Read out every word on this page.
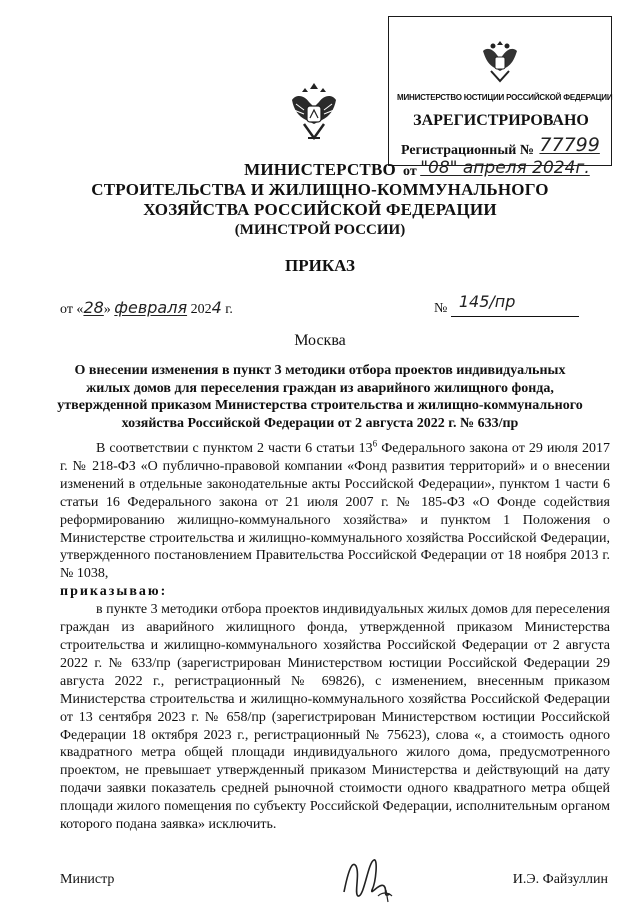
МИНИСТЕРСТВО ЮСТИЦИИ РОССИЙСКОЙ ФЕДЕРАЦИИ
ЗАРЕГИСТРИРОВАНО
Регистрационный № 77799
от "08" апреля 2024г.
МИНИСТЕРСТВО
СТРОИТЕЛЬСТВА И ЖИЛИЩНО-КОММУНАЛЬНОГО
ХОЗЯЙСТВА РОССИЙСКОЙ ФЕДЕРАЦИИ
(МИНСТРОЙ РОССИИ)
ПРИКАЗ
от «28» февраля 2024 г.	№ 145/пр
Москва
О внесении изменения в пункт 3 методики отбора проектов индивидуальных жилых домов для переселения граждан из аварийного жилищного фонда, утвержденной приказом Министерства строительства и жилищно-коммунального хозяйства Российской Федерации от 2 августа 2022 г. № 633/пр

В соответствии с пунктом 2 части 6 статьи $13^6$ Федерального закона от 29 июля 2017 г. № 218-ФЗ «О публично-правовой компании «Фонд развития территорий» и о внесении изменений в отдельные законодательные акты Российской Федерации», пунктом 1 части 6 статьи 16 Федерального закона от 21 июля 2007 г. № 185-ФЗ «О Фонде содействия реформированию жилищно-коммунального хозяйства» и пунктом 1 Положения о Министерстве строительства и жилищно-коммунального хозяйства Российской Федерации, утвержденного постановлением Правительства Российской Федерации от 18 ноября 2013 г. № 1038,

приказываю:

в пункте 3 методики отбора проектов индивидуальных жилых домов для переселения граждан из аварийного жилищного фонда, утвержденной приказом Министерства строительства и жилищно-коммунального хозяйства Российской Федерации от 2 августа 2022 г. № 633/пр (зарегистрирован Министерством юстиции Российской Федерации 29 августа 2022 г., регистрационный № 69826), с изменением, внесенным приказом Министерства строительства и жилищно-коммунального хозяйства Российской Федерации от 13 сентября 2023 г. № 658/пр (зарегистрирован Министерством юстиции Российской Федерации 18 октября 2023 г., регистрационный № 75623), слова «, а стоимость одного квадратного метра общей площади индивидуального жилого дома, предусмотренного проектом, не превышает утвержденный приказом Министерства и действующий на дату подачи заявки показатель средней рыночной стоимости одного квадратного метра общей площади жилого помещения по субъекту Российской Федерации, исполнительным органом которого подана заявка» исключить.

Министр	И.Э. Файзуллин
